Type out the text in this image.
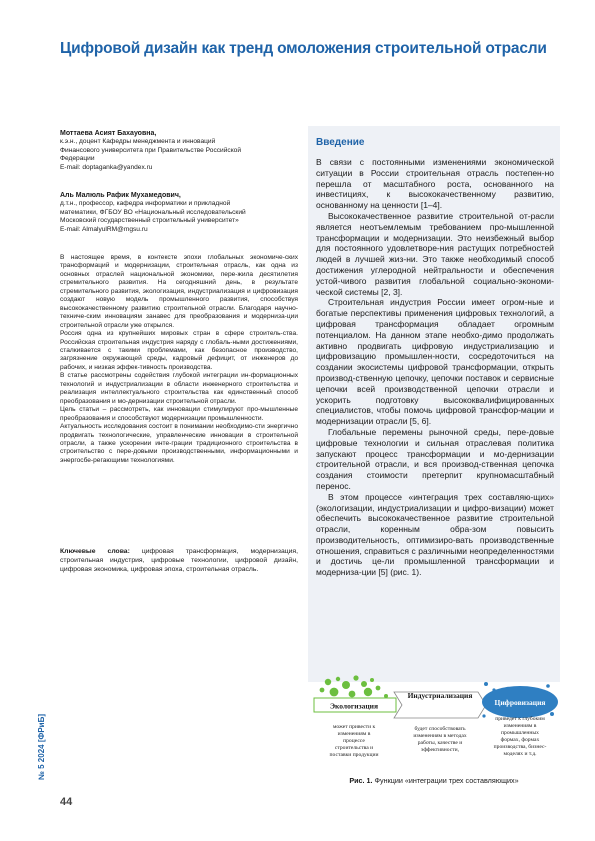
Цифровой дизайн как тренд омоложения строительной отрасли

Моттаева Асият Бахауовна,

к.э.н., доцент Кафедры менеджмента и инноваций

Финансового университета при Правительстве Российской

Федерации

E-mail: doptaganka@yandex.ru

Аль Малюль Рафик Мухамедович,

д.т.н., профессор, кафедра информатики и прикладной

математики, ФГБОУ ВО «Национальный исследовательский

Московский государственный строительный университет»

E-mail: AlmalyulRM@mgsu.ru

В настоящее время, в контексте эпохи глобальных экономиче-ских трансформаций и модернизации, строительная отрасль, как одна из основных отраслей национальной экономики, пере-жила десятилетия стремительного развития. На сегодняшний день, в результате стремительного развития, экологизация, индустриализация и цифровизация создают новую модель промышленного развития, способствуя высококачественному развитию строительной отрасли. Благодаря научно-техниче-ским инновациям занавес для преобразования и модерниза-ции строительной отрасли уже открылся.

Россия одна из крупнейших мировых стран в сфере строитель-ства. Российская строительная индустрия наряду с глобаль-ными достижениями, сталкивается с такими проблемами, как безопасное производство, загрязнение окружающей среды, кадровый дефицит, от инженеров до рабочих, и низкая эффек-тивность производства.

В статье рассмотрены содействия глубокой интеграции ин-формационных технологий и индустриализации в области инженерного строительства и реализация интеллектуального строительства как единственный способ преобразования и мо-дернизации строительной отрасли.

Цель статьи – рассмотреть, как инновации стимулируют про-мышленные преобразования и способствуют модернизации промышленности.

Актуальность исследования состоит в понимании необходимо-сти энергично продвигать технологические, управленческие инновации в строительной отрасли, а также ускорении инте-грации традиционного строительства в строительство с пере-довыми производственными, информационными и энергосбе-регающими технологиями.

Ключевые слова: цифровая трансформация, модернизация, строительная индустрия, цифровые технологии, цифровой дизайн, цифровая экономика, цифровая эпоха, строительная отрасль.

Введение

В связи с постоянными изменениями экономической ситуации в России строительная отрасль постепен-но перешла от масштабного роста, основанного на инвестициях, к высококачественному развитию, основанному на ценности [1–4].

Высококачественное развитие строительной от-расли является неотъемлемым требованием про-мышленной трансформации и модернизации. Это неизбежный выбор для постоянного удовлетворе-ния растущих потребностей людей в лучшей жиз-ни. Это также необходимый способ достижения углеродной нейтральности и обеспечения устой-чивого развития глобальной социально-экономи-ческой системы [2, 3].

Строительная индустрия России имеет огром-ные и богатые перспективы применения цифровых технологий, а цифровая трансформация обладает огромным потенциалом. На данном этапе необхо-димо продолжать активно продвигать цифровую индустриализацию и цифровизацию промышлен-ности, сосредоточиться на создании экосистемы цифровой трансформации, открыть производ-ственную цепочку, цепочки поставок и сервисные цепочки всей производственной цепочки отрасли и ускорить подготовку высококвалифицированных специалистов, чтобы помочь цифровой трансфор-мации и модернизации отрасли [5, 6].

Глобальные перемены рыночной среды, пере-довые цифровые технологии и сильная отраслевая политика запускают процесс трансформации и мо-дернизации строительной отрасли, и вся производ-ственная цепочка создания стоимости претерпит крупномасштабный перенос.

В этом процессе «интеграция трех составляю-щих» (экологизации, индустриализации и цифро-визации) может обеспечить высококачественное развитие строительной отрасли, коренным обра-зом повысить производительность, оптимизиро-вать производственные отношения, справиться с различными неопределенностями и достичь це-ли промышленной трансформации и модерниза-ции [5] (рис. 1).

Экологизация
Индустриализация
Цифровизация
может привести к
изменениям в
процессе
строительства и
поставки продукции
будет способствовать
изменениям в методах
работы, качестве и
эффективности,
приведет к глубоким
изменениям в
промышленных
формах, формах
производства, бизнес-
моделях и т.д.
Рис. 1. Функции «интеграции трех составляющих»
№ 5 2024 [ФРиБ]
44
